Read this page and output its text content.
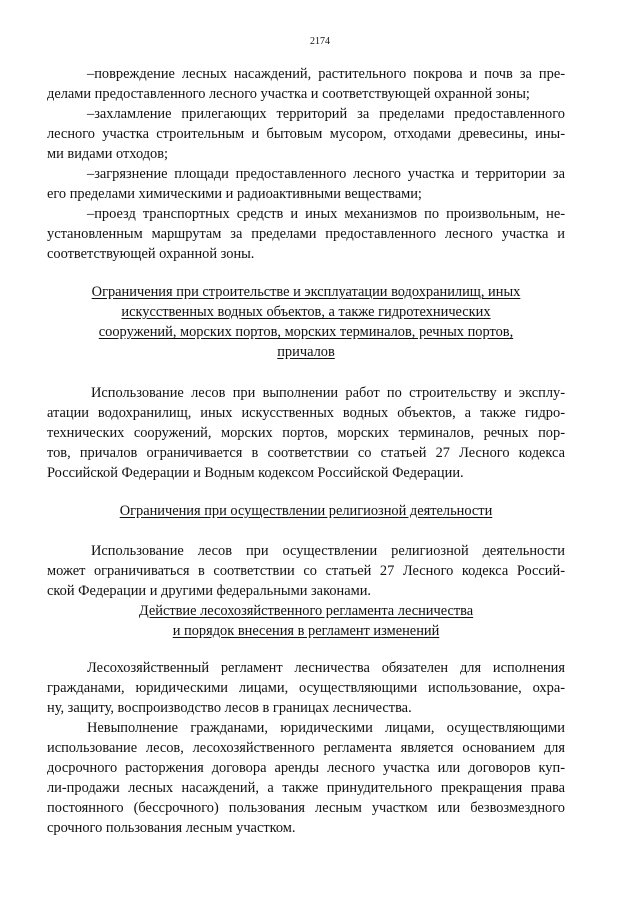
2174
–повреждение лесных насаждений, растительного покрова и почв за пре-
делами предоставленного лесного участка и соответствующей охранной зоны;
–захламление прилегающих территорий за пределами предоставленного
лесного участка строительным и бытовым мусором, отходами древесины, ины-
ми видами отходов;
–загрязнение площади предоставленного лесного участка и территории за
его пределами химическими и радиоактивными веществами;
–проезд транспортных средств и иных механизмов по произвольным, не-
установленным маршрутам за пределами предоставленного лесного участка и
соответствующей охранной зоны.
Ограничения при строительстве и эксплуатации водохранилищ, иных
искусственных водных объектов, а также гидротехнических
сооружений, морских портов, морских терминалов, речных портов,
причалов
Использование лесов при выполнении работ по строительству и эксплу-
атации водохранилищ, иных искусственных водных объектов, а также гидро-
технических сооружений, морских портов, морских терминалов, речных пор-
тов, причалов ограничивается в соответствии со статьей 27 Лесного кодекса
Российской Федерации и Водным кодексом Российской Федерации.
Ограничения при осуществлении религиозной деятельности
Использование лесов при осуществлении религиозной деятельности
может ограничиваться в соответствии со статьей 27 Лесного кодекса Россий-
ской Федерации и другими федеральными законами.
Действие лесохозяйственного регламента лесничества
и порядок внесения в регламент изменений
Лесохозяйственный регламент лесничества обязателен для исполнения
гражданами, юридическими лицами, осуществляющими использование, охра-
ну, защиту, воспроизводство лесов в границах лесничества.
Невыполнение гражданами, юридическими лицами, осуществляющими
использование лесов, лесохозяйственного регламента является основанием для
досрочного расторжения договора аренды лесного участка или договоров куп-
ли-продажи лесных насаждений, а также принудительного прекращения права
постоянного (бессрочного) пользования лесным участком или безвозмездного
срочного пользования лесным участком.
